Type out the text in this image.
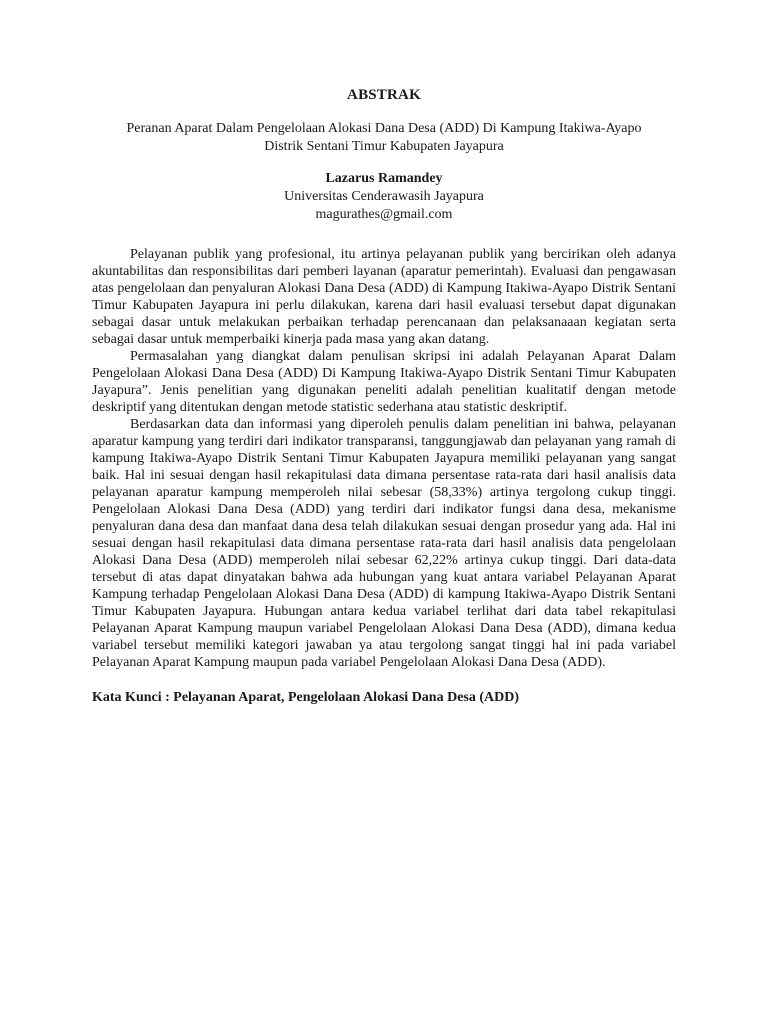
ABSTRAK
Peranan Aparat Dalam Pengelolaan Alokasi Dana Desa (ADD) Di Kampung Itakiwa-Ayapo
Distrik Sentani Timur Kabupaten Jayapura
Lazarus Ramandey
Universitas Cenderawasih Jayapura
magurathes@gmail.com

Pelayanan publik yang profesional, itu artinya pelayanan publik yang bercirikan oleh adanya akuntabilitas dan responsibilitas dari pemberi layanan (aparatur pemerintah). Evaluasi dan pengawasan atas pengelolaan dan penyaluran Alokasi Dana Desa (ADD) di Kampung Itakiwa-Ayapo Distrik Sentani Timur Kabupaten Jayapura ini perlu dilakukan, karena dari hasil evaluasi tersebut dapat digunakan sebagai dasar untuk melakukan perbaikan terhadap perencanaan dan pelaksanaaan kegiatan serta sebagai dasar untuk memperbaiki kinerja pada masa yang akan datang.

Permasalahan yang diangkat dalam penulisan skripsi ini adalah Pelayanan Aparat Dalam Pengelolaan Alokasi Dana Desa (ADD) Di Kampung Itakiwa-Ayapo Distrik Sentani Timur Kabupaten Jayapura”. Jenis penelitian yang digunakan peneliti adalah penelitian kualitatif dengan metode deskriptif yang ditentukan dengan metode statistic sederhana atau statistic deskriptif.

Berdasarkan data dan informasi yang diperoleh penulis dalam penelitian ini bahwa, pelayanan aparatur kampung yang terdiri dari indikator transparansi, tanggungjawab dan pelayanan yang ramah di kampung Itakiwa-Ayapo Distrik Sentani Timur Kabupaten Jayapura memiliki pelayanan yang sangat baik. Hal ini sesuai dengan hasil rekapitulasi data dimana persentase rata-rata dari hasil analisis data pelayanan aparatur kampung memperoleh nilai sebesar (58,33%) artinya tergolong cukup tinggi. Pengelolaan Alokasi Dana Desa (ADD) yang terdiri dari indikator fungsi dana desa, mekanisme penyaluran dana desa dan manfaat dana desa telah dilakukan sesuai dengan prosedur yang ada. Hal ini sesuai dengan hasil rekapitulasi data dimana persentase rata-rata dari hasil analisis data pengelolaan Alokasi Dana Desa (ADD) memperoleh nilai sebesar 62,22% artinya cukup tinggi. Dari data-data tersebut di atas dapat dinyatakan bahwa ada hubungan yang kuat antara variabel Pelayanan Aparat Kampung terhadap Pengelolaan Alokasi Dana Desa (ADD) di kampung Itakiwa-Ayapo Distrik Sentani Timur Kabupaten Jayapura. Hubungan antara kedua variabel terlihat dari data tabel rekapitulasi Pelayanan Aparat Kampung maupun variabel Pengelolaan Alokasi Dana Desa (ADD), dimana kedua variabel tersebut memiliki kategori jawaban ya atau tergolong sangat tinggi hal ini pada variabel Pelayanan Aparat Kampung maupun pada variabel Pengelolaan Alokasi Dana Desa (ADD).

Kata Kunci : Pelayanan Aparat, Pengelolaan Alokasi Dana Desa (ADD)
